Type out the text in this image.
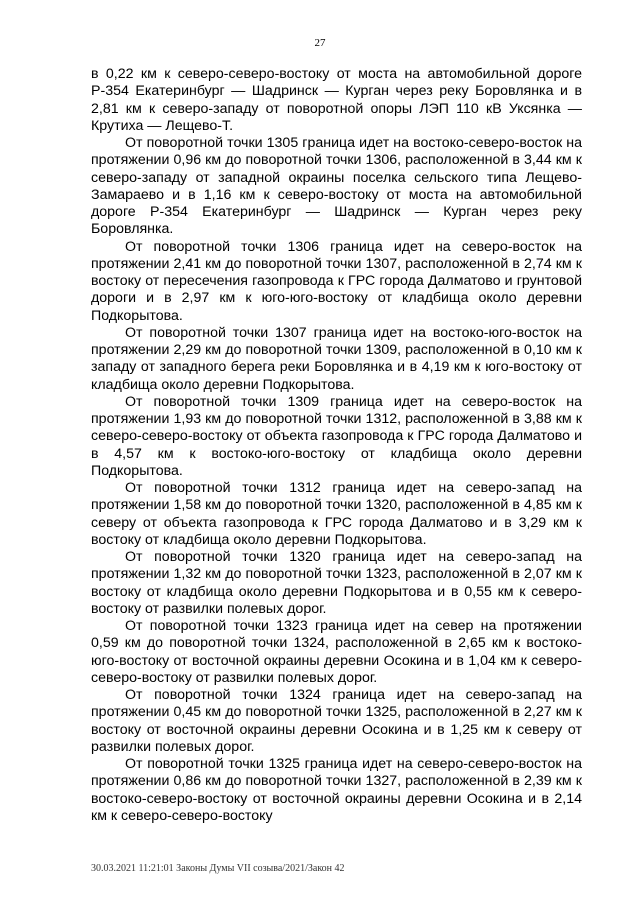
27

в 0,22 км к северо-северо-востоку от моста на автомобильной дороге Р-354 Екатеринбург — Шадринск — Курган через реку Боровлянка и в 2,81 км к северо-западу от поворотной опоры ЛЭП 110 кВ Уксянка — Крутиха — Лещево-Т.

От поворотной точки 1305 граница идет на востоко-северо-восток на протяжении 0,96 км до поворотной точки 1306, расположенной в 3,44 км к северо-западу от западной окраины поселка сельского типа Лещево-Замараево и в 1,16 км к северо-востоку от моста на автомобильной дороге Р-354 Екатеринбург — Шадринск — Курган через реку Боровлянка.

От поворотной точки 1306 граница идет на северо-восток на протяжении 2,41 км до поворотной точки 1307, расположенной в 2,74 км к востоку от пересечения газопровода к ГРС города Далматово и грунтовой дороги и в 2,97 км к юго-юго-востоку от кладбища около деревни Подкорытова.

От поворотной точки 1307 граница идет на востоко-юго-восток на протяжении 2,29 км до поворотной точки 1309, расположенной в 0,10 км к западу от западного берега реки Боровлянка и в 4,19 км к юго-востоку от кладбища около деревни Подкорытова.

От поворотной точки 1309 граница идет на северо-восток на протяжении 1,93 км до поворотной точки 1312, расположенной в 3,88 км к северо-северо-востоку от объекта газопровода к ГРС города Далматово и в 4,57 км к востоко-юго-востоку от кладбища около деревни Подкорытова.

От поворотной точки 1312 граница идет на северо-запад на протяжении 1,58 км до поворотной точки 1320, расположенной в 4,85 км к северу от объекта газопровода к ГРС города Далматово и в 3,29 км к востоку от кладбища около деревни Подкорытова.

От поворотной точки 1320 граница идет на северо-запад на протяжении 1,32 км до поворотной точки 1323, расположенной в 2,07 км к востоку от кладбища около деревни Подкорытова и в 0,55 км к северо-востоку от развилки полевых дорог.

От поворотной точки 1323 граница идет на север на протяжении 0,59 км до поворотной точки 1324, расположенной в 2,65 км к востоко-юго-востоку от восточной окраины деревни Осокина и в 1,04 км к северо-северо-востоку от развилки полевых дорог.

От поворотной точки 1324 граница идет на северо-запад на протяжении 0,45 км до поворотной точки 1325, расположенной в 2,27 км к востоку от восточной окраины деревни Осокина и в 1,25 км к северу от развилки полевых дорог.

От поворотной точки 1325 граница идет на северо-северо-восток на протяжении 0,86 км до поворотной точки 1327, расположенной в 2,39 км к востоко-северо-востоку от восточной окраины деревни Осокина и в 2,14 км к северо-северо-востоку

30.03.2021 11:21:01 Законы Думы VII созыва/2021/Закон 42
